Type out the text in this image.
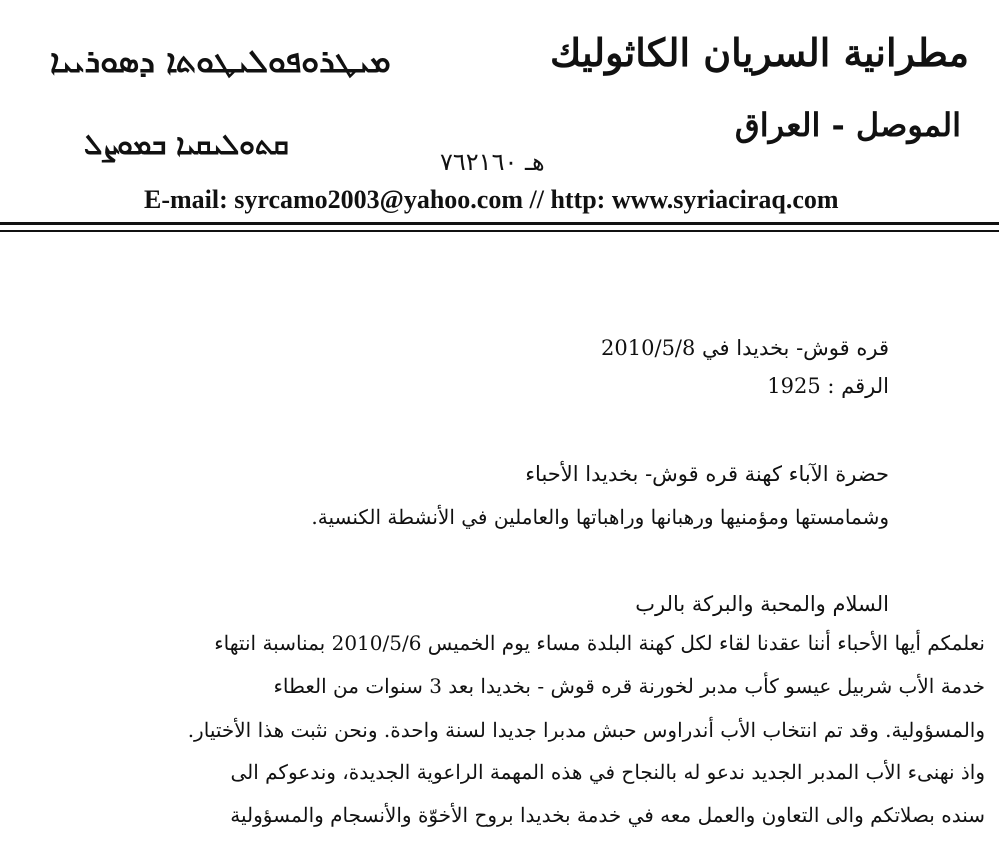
ܡܝܛܪܘܦܘܠܝܛܘܬܐ ܕܣܘܪܝܝܐ
ܩܬܘܠܝܩܝܐ ܒܡܘܨܠ
مطرانية السريان الكاثوليك
الموصل - العراق
هـ ٧٦٢١٦٠
E-mail: syrcamo2003@yahoo.com // http: www.syriaciraq.com
قره قوش- بخديدا في 2010/5/8
الرقم : 1925
حضرة الآباء كهنة قره قوش- بخديدا الأحباء
وشمامستها ومؤمنيها ورهبانها وراهباتها والعاملين في الأنشطة الكنسية.
السلام والمحبة والبركة بالرب
نعلمكم أيها الأحباء أننا عقدنا لقاء لكل كهنة البلدة مساء يوم الخميس 2010/5/6 بمناسبة انتهاء
خدمة الأب شربيل عيسو كأب مدبر لخورنة قره قوش - بخديدا بعد 3 سنوات من العطاء
والمسؤولية. وقد تم انتخاب الأب أندراوس حبش مدبرا جديدا لسنة واحدة. ونحن نثبت هذا الأختيار.
واذ نهنىء الأب المدبر الجديد ندعو له بالنجاح في هذه المهمة الراعوية الجديدة، وندعوكم الى
سنده بصلاتكم والى التعاون والعمل معه في خدمة بخديدا بروح الأخوّة والأنسجام والمسؤولية
